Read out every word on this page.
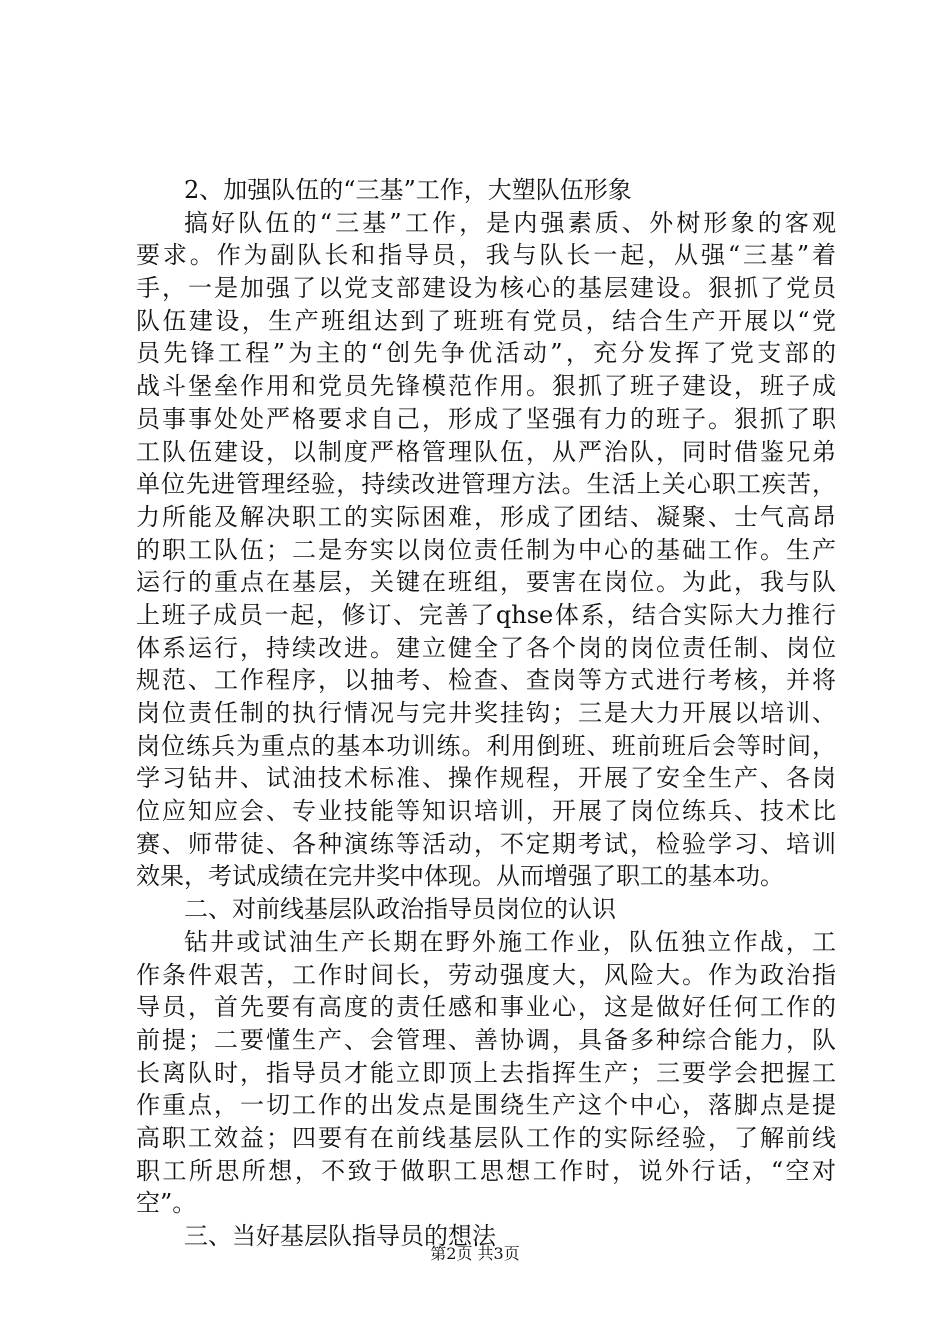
2、加强队伍的“三基”工作，大塑队伍形象
搞好队伍的“三基”工作，是内强素质、外树形象的客观
要求。作为副队长和指导员，我与队长一起，从强“三基”着
手，一是加强了以党支部建设为核心的基层建设。狠抓了党员
队伍建设，生产班组达到了班班有党员，结合生产开展以“党
员先锋工程”为主的“创先争优活动”，充分发挥了党支部的
战斗堡垒作用和党员先锋模范作用。狠抓了班子建设，班子成
员事事处处严格要求自己，形成了坚强有力的班子。狠抓了职
工队伍建设，以制度严格管理队伍，从严治队，同时借鉴兄弟
单位先进管理经验，持续改进管理方法。生活上关心职工疾苦，
力所能及解决职工的实际困难，形成了团结、凝聚、士气高昂
的职工队伍；二是夯实以岗位责任制为中心的基础工作。生产
运行的重点在基层，关键在班组，要害在岗位。为此，我与队
上班子成员一起，修订、完善了qhse体系，结合实际大力推行
体系运行，持续改进。建立健全了各个岗的岗位责任制、岗位
规范、工作程序，以抽考、检查、查岗等方式进行考核，并将
岗位责任制的执行情况与完井奖挂钩；三是大力开展以培训、
岗位练兵为重点的基本功训练。利用倒班、班前班后会等时间，
学习钻井、试油技术标准、操作规程，开展了安全生产、各岗
位应知应会、专业技能等知识培训，开展了岗位练兵、技术比
赛、师带徒、各种演练等活动，不定期考试，检验学习、培训
效果，考试成绩在完井奖中体现。从而增强了职工的基本功。
二、对前线基层队政治指导员岗位的认识
钻井或试油生产长期在野外施工作业，队伍独立作战，工
作条件艰苦，工作时间长，劳动强度大，风险大。作为政治指
导员，首先要有高度的责任感和事业心，这是做好任何工作的
前提；二要懂生产、会管理、善协调，具备多种综合能力，队
长离队时，指导员才能立即顶上去指挥生产；三要学会把握工
作重点，一切工作的出发点是围绕生产这个中心，落脚点是提
高职工效益；四要有在前线基层队工作的实际经验，了解前线
职工所思所想，不致于做职工思想工作时，说外行话，“空对
空”。
三、当好基层队指导员的想法
第2页 共3页
